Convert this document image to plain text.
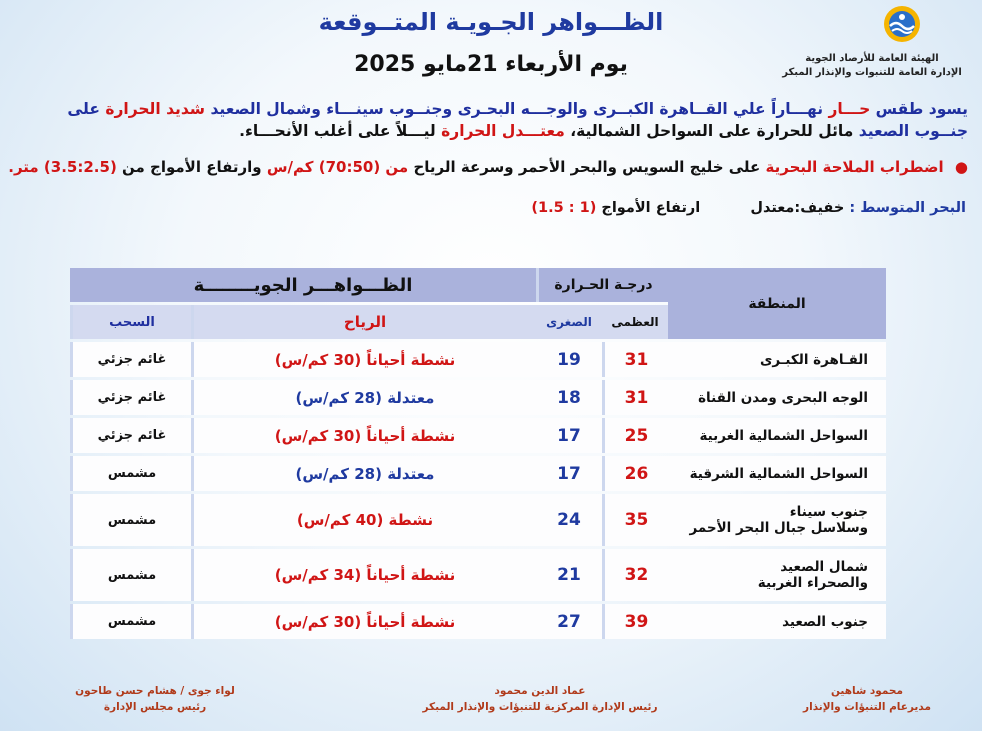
الظـــواهر الجـويـة المتــوقعة
يوم الأربعاء 21مايو 2025	الهيئة العامة للأرصاد الجوية
الإدارة العامة للتنبوات والإنذار المبكر
يسود طقس حـــار نهـــاراً علي القــاهرة الكبــرى والوجـــه البحـرى وجنــوب سينـــاء وشمال الصعيد شديد الحرارة على
جنــوب الصعيد مائل للحرارة على السواحل الشمالية، معتـــدل الحرارة ليـــلاً على أغلب الأنحـــاء.
● اضطراب الملاحة البحرية على خليج السويس والبحر الأحمر وسرعة الرياح من (70:50) كم/س وارتفاع الأمواج من (3.5:2.5) متر.
البحر المتوسط : خفيف:معتدل  ارتفاع الأمواج (1 : 1.5)
المنطقة	درجـة الحـرارة		الظـــواهـــر الجويــــــــة	
	العظمى	الصغرى	الرياح	السحب
القـاهرة الكبـرى	31	19	نشطة أحياناً (30 كم/س)	غائم جزئي
الوجه البحرى ومدن القناة	31	18	معتدلة (28 كم/س)	غائم جزئي
السواحل الشمالية الغربية	25	17	نشطة أحياناً (30 كم/س)	غائم جزئي
السواحل الشمالية الشرقية	26	17	معتدلة (28 كم/س)	مشمس

جنوب سيناء
وسلاسل جبال البحر الأحمر	35	24	نشطة (40 كم/س)	مشمس

شمال الصعيد
والصحراء الغربية	32	21	نشطة أحياناً (34 كم/س)	مشمس
جنوب الصعيد	39	27	نشطة أحياناً (30 كم/س)	مشمس
محمود شاهين
مديرعام التنبؤات والإنذار
عماد الدين محمود
رئيس الإدارة المركزية للتنبؤات والإنذار المبكر
لواء جوى / هشام حسن طاحون
رئيس مجلس الإدارة
